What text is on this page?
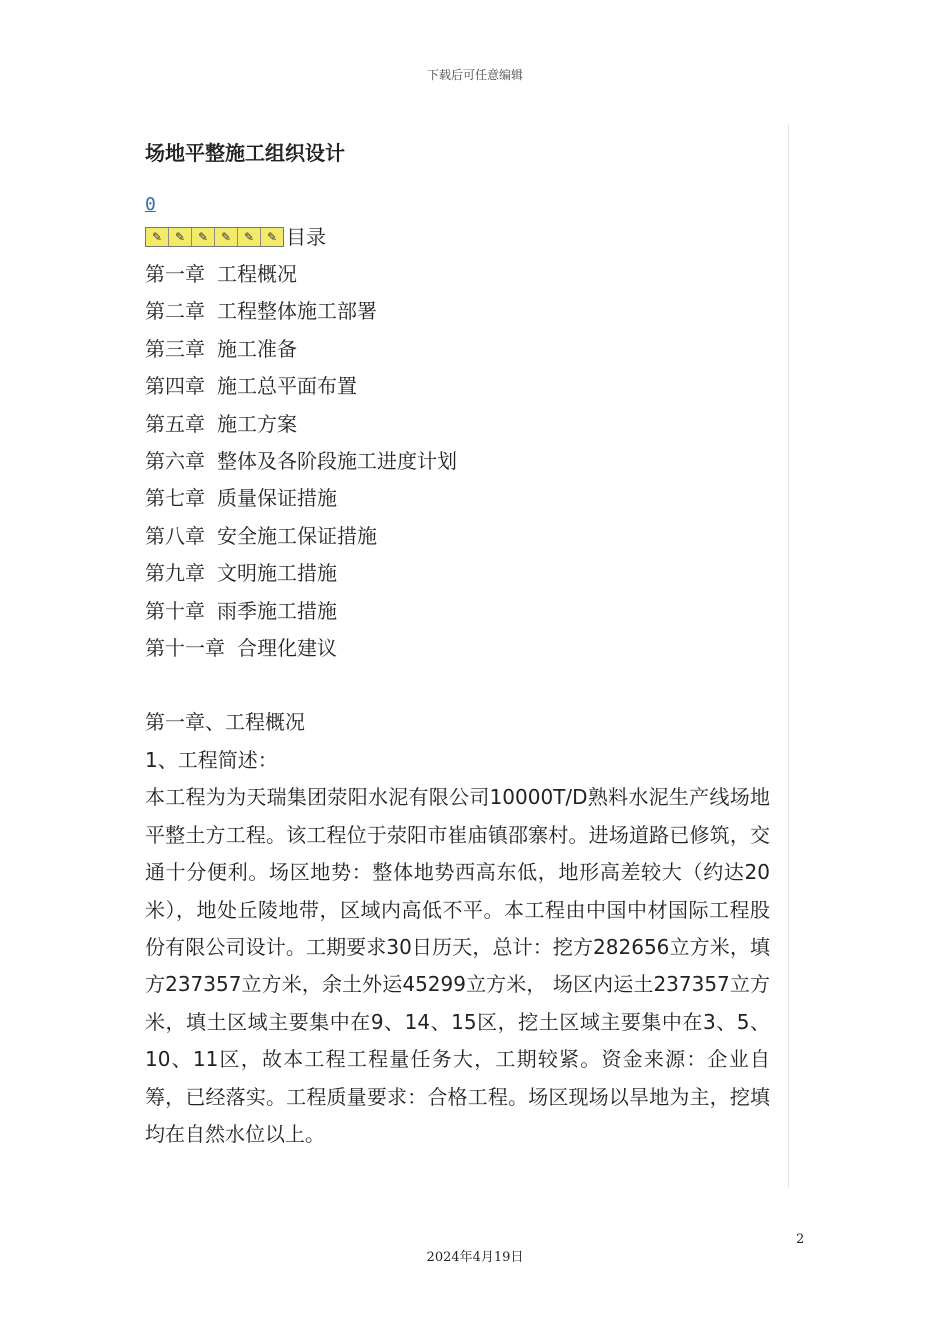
下载后可任意编辑
场地平整施工组织设计
0
✎	✎	✎	✎	✎	✎ 目录
第一章 工程概况
第二章 工程整体施工部署
第三章 施工准备
第四章 施工总平面布置
第五章 施工方案
第六章 整体及各阶段施工进度计划
第七章 质量保证措施
第八章 安全施工保证措施
第九章 文明施工措施
第十章 雨季施工措施
第十一章 合理化建议
第一章、工程概况
1、工程简述：

本工程为为天瑞集团荥阳水泥有限公司10000T/D熟料水泥生产线场地平整土方工程。该工程位于荥阳市崔庙镇邵寨村。进场道路已修筑，交通十分便利。场区地势：整体地势西高东低，地形高差较大（约达20米），地处丘陵地带，区域内高低不平。本工程由中国中材国际工程股份有限公司设计。工期要求30日历天，总计：挖方282656立方米，填方237357立方米，余土外运45299立方米， 场区内运土237357立方米，填土区域主要集中在9、14、15区，挖土区域主要集中在3、5、10、11区，故本工程工程量任务大，工期较紧。资金来源：企业自筹，已经落实。工程质量要求：合格工程。场区现场以旱地为主，挖填均在自然水位以上。

2
2024年4月19日
